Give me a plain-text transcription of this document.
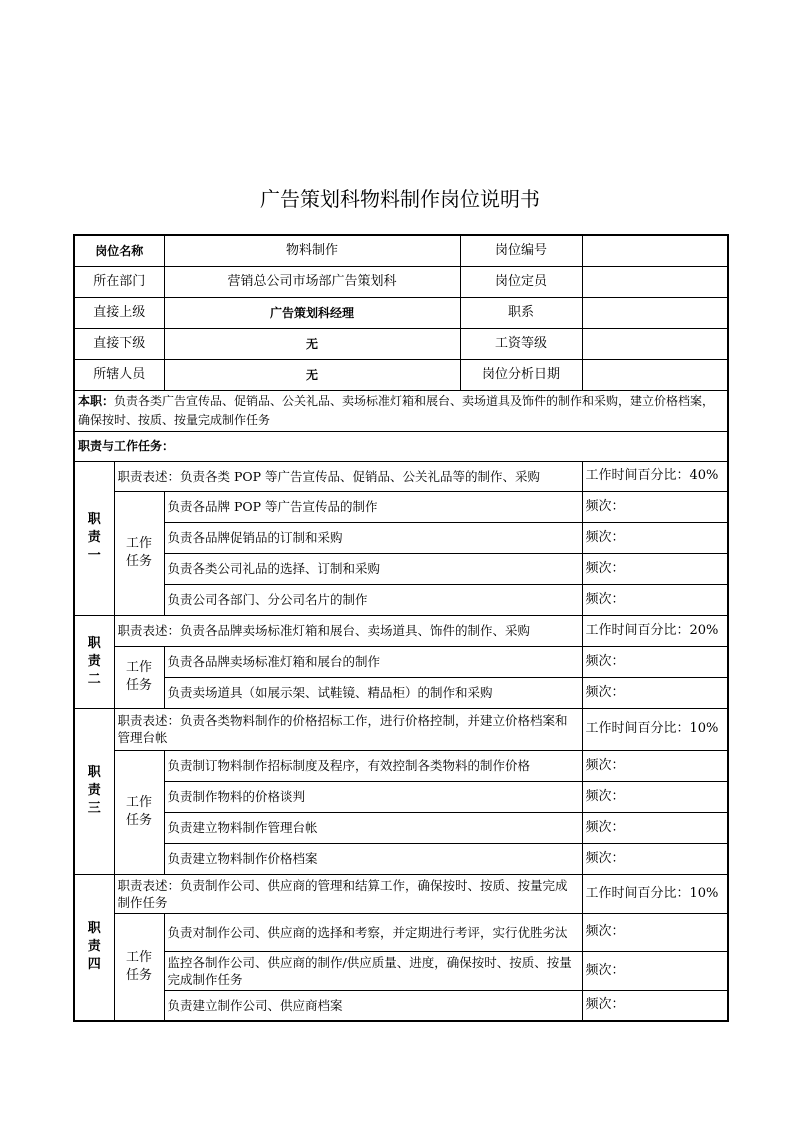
广告策划科物料制作岗位说明书
岗位名称		物料制作	岗位编号	
所在部门		营销总公司市场部广告策划科	岗位定员	
直接上级		广告策划科经理	职系	
直接下级		无	工资等级	
所辖人员		无	岗位分析日期	
本职：负责各类广告宣传品、促销品、公关礼品、卖场标准灯箱和展台、卖场道具及饰件的制作和采购，建立价格档案，确保按时、按质、按量完成制作任务				
职责与工作任务：				

职
责
一	职责表述：负责各类 POP 等广告宣传品、促销品、公关礼品等的制作、采购			工作时间百分比：40%

	工作
任务	负责各品牌 POP 等广告宣传品的制作		频次：
		负责各品牌促销品的订制和采购		频次：
		负责各类公司礼品的选择、订制和采购		频次：
		负责公司各部门、分公司名片的制作		频次：

职
责
二	职责表述：负责各品牌卖场标准灯箱和展台、卖场道具、饰件的制作、采购			工作时间百分比：20%

	工作
任务	负责各品牌卖场标准灯箱和展台的制作		频次：
		负责卖场道具（如展示架、试鞋镜、精品柜）的制作和采购		频次：

职
责
三	职责表述：负责各类物料制作的价格招标工作，进行价格控制，并建立价格档案和管理台帐			工作时间百分比：10%

	工作
任务	负责制订物料制作招标制度及程序，有效控制各类物料的制作价格		频次：
		负责制作物料的价格谈判		频次：
		负责建立物料制作管理台帐		频次：
		负责建立物料制作价格档案		频次：

职
责
四	职责表述：负责制作公司、供应商的管理和结算工作，确保按时、按质、按量完成制作任务			工作时间百分比：10%

	工作
任务	负责对制作公司、供应商的选择和考察，并定期进行考评，实行优胜劣汰		频次：
		监控各制作公司、供应商的制作/供应质量、进度，确保按时、按质、按量完成制作任务		频次：
		负责建立制作公司、供应商档案		频次：
